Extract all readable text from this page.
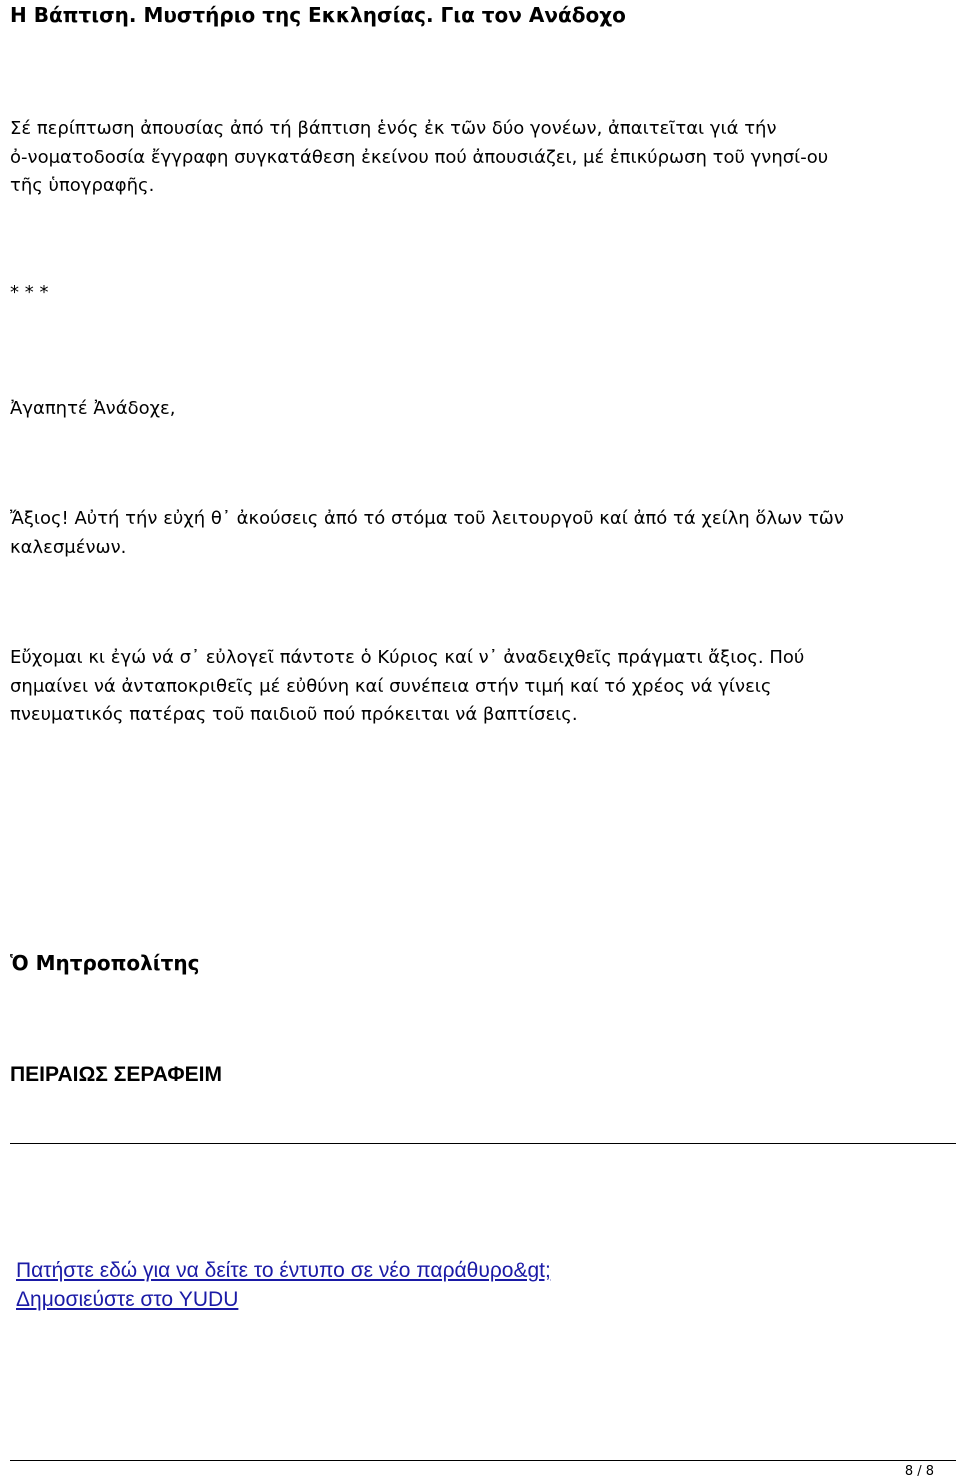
Η Βάπτιση. Μυστήριο της Εκκλησίας. Για τον Ανάδοχο

Σέ περίπτωση ἀπουσίας ἀπό τή βάπτιση ἑνός ἐκ τῶν δύο γονέων, ἀπαιτεῖται γιά τήν
ὀ-νοματοδοσία ἔγγραφη συγκατάθεση ἐκείνου πού ἀπουσιάζει, μέ ἐπικύρωση τοῦ γνησί-ου
τῆς ὑπογραφῆς.

* * *

Ἀγαπητέ Ἀνάδοχε,

Ἄξιος! Αὐτή τήν εὐχή θ᾽ ἀκούσεις ἀπό τό στόμα τοῦ λειτουργοῦ καί ἀπό τά χείλη ὅλων τῶν
καλεσμένων.

Εὔχομαι κι ἐγώ νά σ᾽ εὐλογεῖ πάντοτε ὁ Κύριος καί ν᾽ ἀναδειχθεῖς πράγματι ἄξιος. Πού
σημαίνει νά ἀνταποκριθεῖς μέ εὐθύνη καί συνέπεια στήν τιμή καί τό χρέος νά γίνεις
πνευματικός πατέρας τοῦ παιδιοῦ πού πρόκειται νά βαπτίσεις.

Ὁ Μητροπολίτης
ΠΕΙΡΑΙΩΣ ΣΕΡΑΦΕΙΜ
Πατήστε εδώ για να δείτε το έντυπο σε νέο παράθυρο&gt;
Δημοσιεύστε στο YUDU
8 / 8
